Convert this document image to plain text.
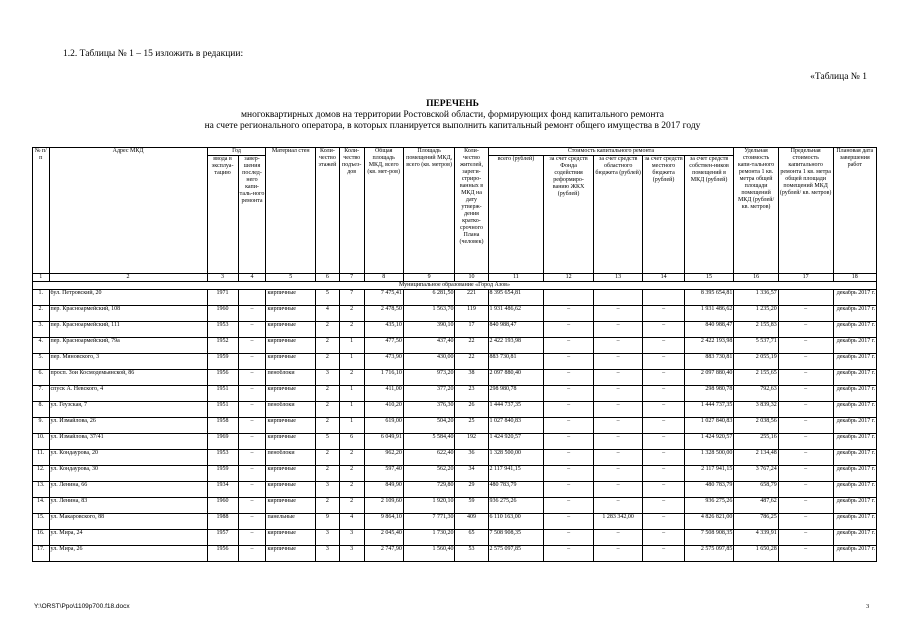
1.2. Таблицы № 1 – 15 изложить в редакции:
«Таблица № 1
ПЕРЕЧЕНЬ
многоквартирных домов на территории Ростовской области, формирующих фонд капитального ремонта
на счете регионального оператора, в которых планируется выполнить капитальный ремонт общего имущества в 2017 году
№ п/п	Адрес МКД	Год		Материал стен	Коли-чество этажей	Коли-чество подъез-дов	Общая площадь МКД, всего (кв. мет-ров)	Площадь помещений МКД, всего (кв. метров)	Коли-чество жителей, зареги-стриро-ванных в МКД на дату утверж-дения кратко-срочного Плана (человек)	Стоимость капитального ремонта					Удельная стоимость капи-тального ремонта 1 кв. метра общей площади помещений МКД (рублей/ кв. метров)	Предельная стоимость капитального ремонта 1 кв. метра общей площади помещений МКД (рублей/ кв. метров)	Плановая дата завершения работ
		ввода в эксплуа-тацию	завер-шения послед-него капи-таль-ного ремонта							всего (рублей)	за счет средств Фонда содействия реформиро-ванию ЖКХ (рублей)	за счет средств областного бюджета (рублей)	за счет средств местного бюджета (рублей)	за счет средств собствен-ников помещений в МКД (рублей)			
1	2	3	4	5	6	7	8	9	10	11	12	13	14	15	16	17	18
Муниципальное образование «Город Азов»																	
1.	бул. Петровский, 20	1971		кирпичные	5	7	7 475,41	6 281,50	221	8 395 654,81				8 395 654,81	1 336,57		декабрь 2017 г.
2.	пер. Красноармейский, 108	1960	–	кирпичные	4	2	2 478,50	1 563,70	119	1 931 486,62	–	–	–	1 931 486,62	1 235,20	–	декабрь 2017 г.
3.	пер. Красноармейский, 111	1953	–	кирпичные	2	2	435,10	390,10	17	840 988,47	–	–	–	840 988,47	2 155,83	–	декабрь 2017 г.
4.	пер. Красноармейский, 79а	1952	–	кирпичные	2	1	477,50	437,40	22	2 422 193,98	–	–	–	2 422 193,98	5 537,71	–	декабрь 2017 г.
5.	пер. Мяновского, 3	1959	–	кирпичные	2	1	473,90	430,00	22	883 730,81	–	–	–	883 730,81	2 055,19	–	декабрь 2017 г.
6.	просп. Зои Космодемьянской, 86	1956	–	пеноблоки	3	2	1 716,10	973,20	38	2 097 880,40	–	–	–	2 097 880,40	2 155,65	–	декабрь 2017 г.
7.	спуск А. Невского, 4	1951	–	кирпичные	2	1	411,00	377,20	23	298 980,78	–	–	–	298 980,78	792,63	–	декабрь 2017 г.
8.	ул. Геузская, 7	1951	–	пеноблоки	2	1	410,20	376,30	26	1 444 737,35	–	–	–	1 444 737,35	3 839,32	–	декабрь 2017 г.
9.	ул. Измайлова, 26	1958	–	кирпичные	2	1	619,00	504,20	25	1 027 840,83	–	–	–	1 027 840,83	2 038,56	–	декабрь 2017 г.
10.	ул. Измайлова, 37/41	1969	–	кирпичные	5	6	6 049,91	5 584,40	192	1 424 920,57	–	–	–	1 424 920,57	255,16	–	декабрь 2017 г.
11.	ул. Кондаурова, 20	1953	–	пеноблоки	2	2	962,20	622,40	36	1 328 500,00	–	–	–	1 328 500,00	2 134,48	–	декабрь 2017 г.
12.	ул. Кондаурова, 30	1959	–	кирпичные	2	2	597,40	562,20	34	2 117 941,15	–	–	–	2 117 941,15	3 767,24	–	декабрь 2017 г.
13.	ул. Ленина, 66	1934	–	кирпичные	3	2	849,90	729,80	29	480 783,79	–	–	–	480 783,79	658,79	–	декабрь 2017 г.
14.	ул. Ленина, 83	1960	–	кирпичные	2	2	2 109,60	1 920,10	59	936 275,26	–	–	–	936 275,26	487,62	–	декабрь 2017 г.
15.	ул. Макаровского, 88	1988	–	панельные	9	4	9 864,10	7 771,30	409	6 110 163,00	–	1 283 342,00	–	4 826 821,00	786,25	–	декабрь 2017 г.
16.	ул. Мира, 24	1957	–	кирпичные	3	3	2 045,40	1 730,20	65	7 508 908,35	–	–	–	7 508 908,35	4 339,91	–	декабрь 2017 г.
17.	ул. Мира, 26	1956	–	кирпичные	3	3	2 747,90	1 560,40	53	2 575 097,85	–	–	–	2 575 097,85	1 650,28	–	декабрь 2017 г.
Y:\ORST\Ppo\1109p700.f18.docx	3
